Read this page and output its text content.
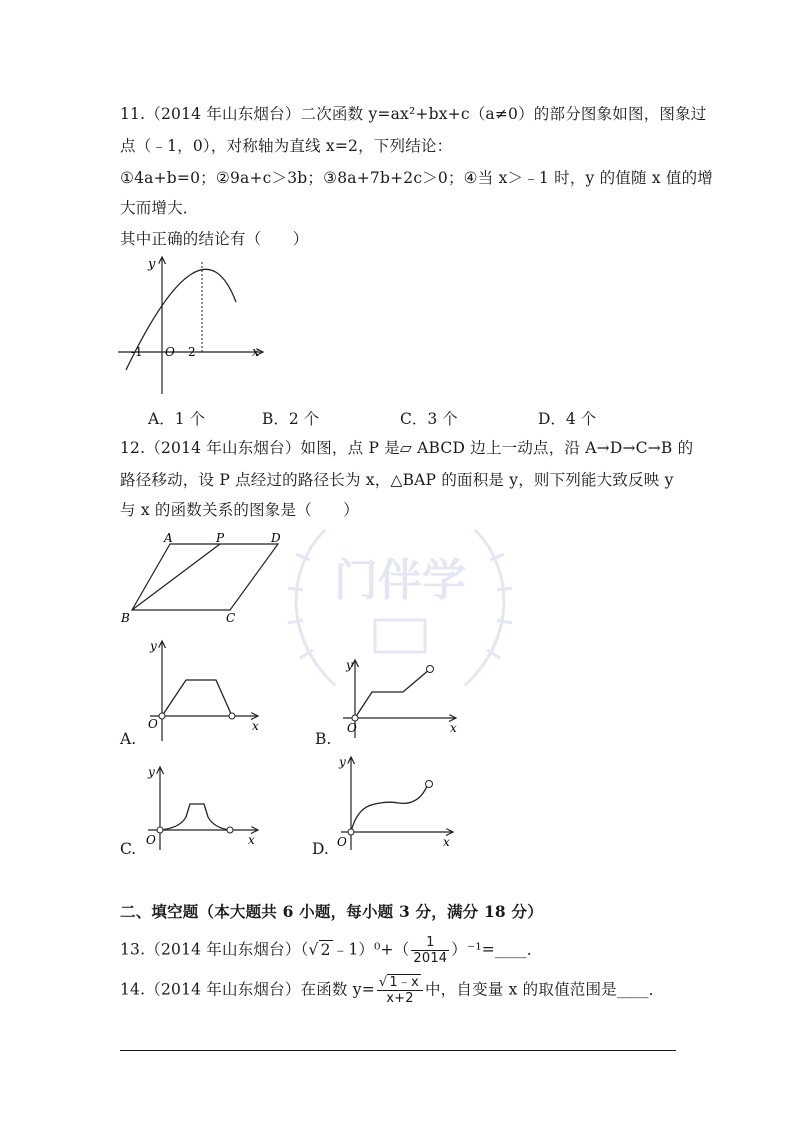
门伴学
11.（2014 年山东烟台）二次函数 y=ax²+bx+c（a≠0）的部分图象如图，图象过
点（﹣1，0），对称轴为直线 x=2，下列结论：
①4a+b=0；②9a+c＞3b；③8a+7b+2c＞0；④当 x＞﹣1 时，y 的值随 x 值的增
大而增大．
其中正确的结论有（　　）
y
x
O
-1	2
A．1 个	B．2 个	C．3 个	D．4 个
12.（2014 年山东烟台）如图，点 P 是▱ ABCD 边上一动点，沿 A→D→C→B 的
路径移动，设 P 点经过的路径长为 x，△BAP 的面积是 y，则下列能大致反映 y
与 x 的函数关系的图象是（　　）
A	P	D
B	C
y
x
O
A.
y
x
O
B.
y
x
O
C.
y
x
O
D.
二、填空题（本大题共 6 小题，每小题 3 分，满分 18 分）
13.（2014 年山东烟台）（√ 2 ﹣1）⁰+（ $\frac{1}{2014}$ ）⁻¹=____．
14.（2014 年山东烟台）在函数 $y= \frac{√ 1﹣x}{x+2}$ 中，自变量 x 的取值范围是____．
